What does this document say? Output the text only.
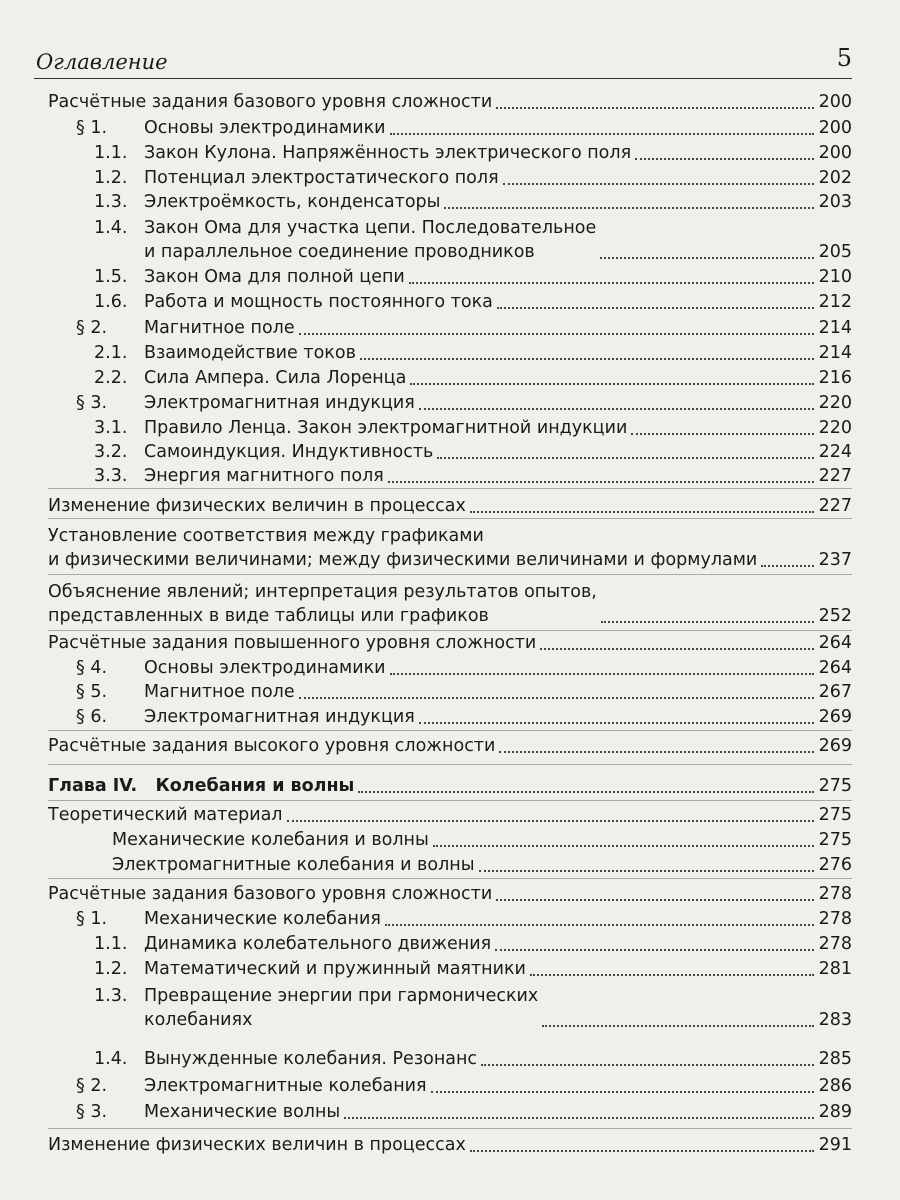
Оглавление	5
Расчётные задания базового уровня сложности	200
§ 1.	Основы электродинамики	200
1.1. Закон Кулона. Напряжённость электрического поля	200
1.2. Потенциал электростатического поля	202
1.3. Электроёмкость, конденсаторы	203
1.4. Закон Ома для участка цепи. Последовательное
и параллельное соединение проводников	205
1.5. Закон Ома для полной цепи	210
1.6. Работа и мощность постоянного тока	212
§ 2.	Магнитное поле	214
2.1. Взаимодействие токов	214
2.2. Сила Ампера. Сила Лоренца	216
§ 3.	Электромагнитная индукция	220
3.1. Правило Ленца. Закон электромагнитной индукции	220
3.2. Самоиндукция. Индуктивность	224
3.3. Энергия магнитного поля	227
Изменение физических величин в процессах	227
Установление соответствия между графиками
и физическими величинами; между физическими величинами и формулами	237
Объяснение явлений; интерпретация результатов опытов,
представленных в виде таблицы или графиков	252
Расчётные задания повышенного уровня сложности	264
§ 4.	Основы электродинамики	264
§ 5.	Магнитное поле	267
§ 6.	Электромагнитная индукция	269
Расчётные задания высокого уровня сложности	269
Глава IV.   Колебания и волны	275
Теоретический материал	275
Механические колебания и волны	275
Электромагнитные колебания и волны	276
Расчётные задания базового уровня сложности	278
§ 1.	Механические колебания	278
1.1. Динамика колебательного движения	278
1.2. Математический и пружинный маятники	281
1.3. Превращение энергии при гармонических
колебаниях	283
1.4. Вынужденные колебания. Резонанс	285
§ 2.	Электромагнитные колебания	286
§ 3.	Механические волны	289
Изменение физических величин в процессах	291
